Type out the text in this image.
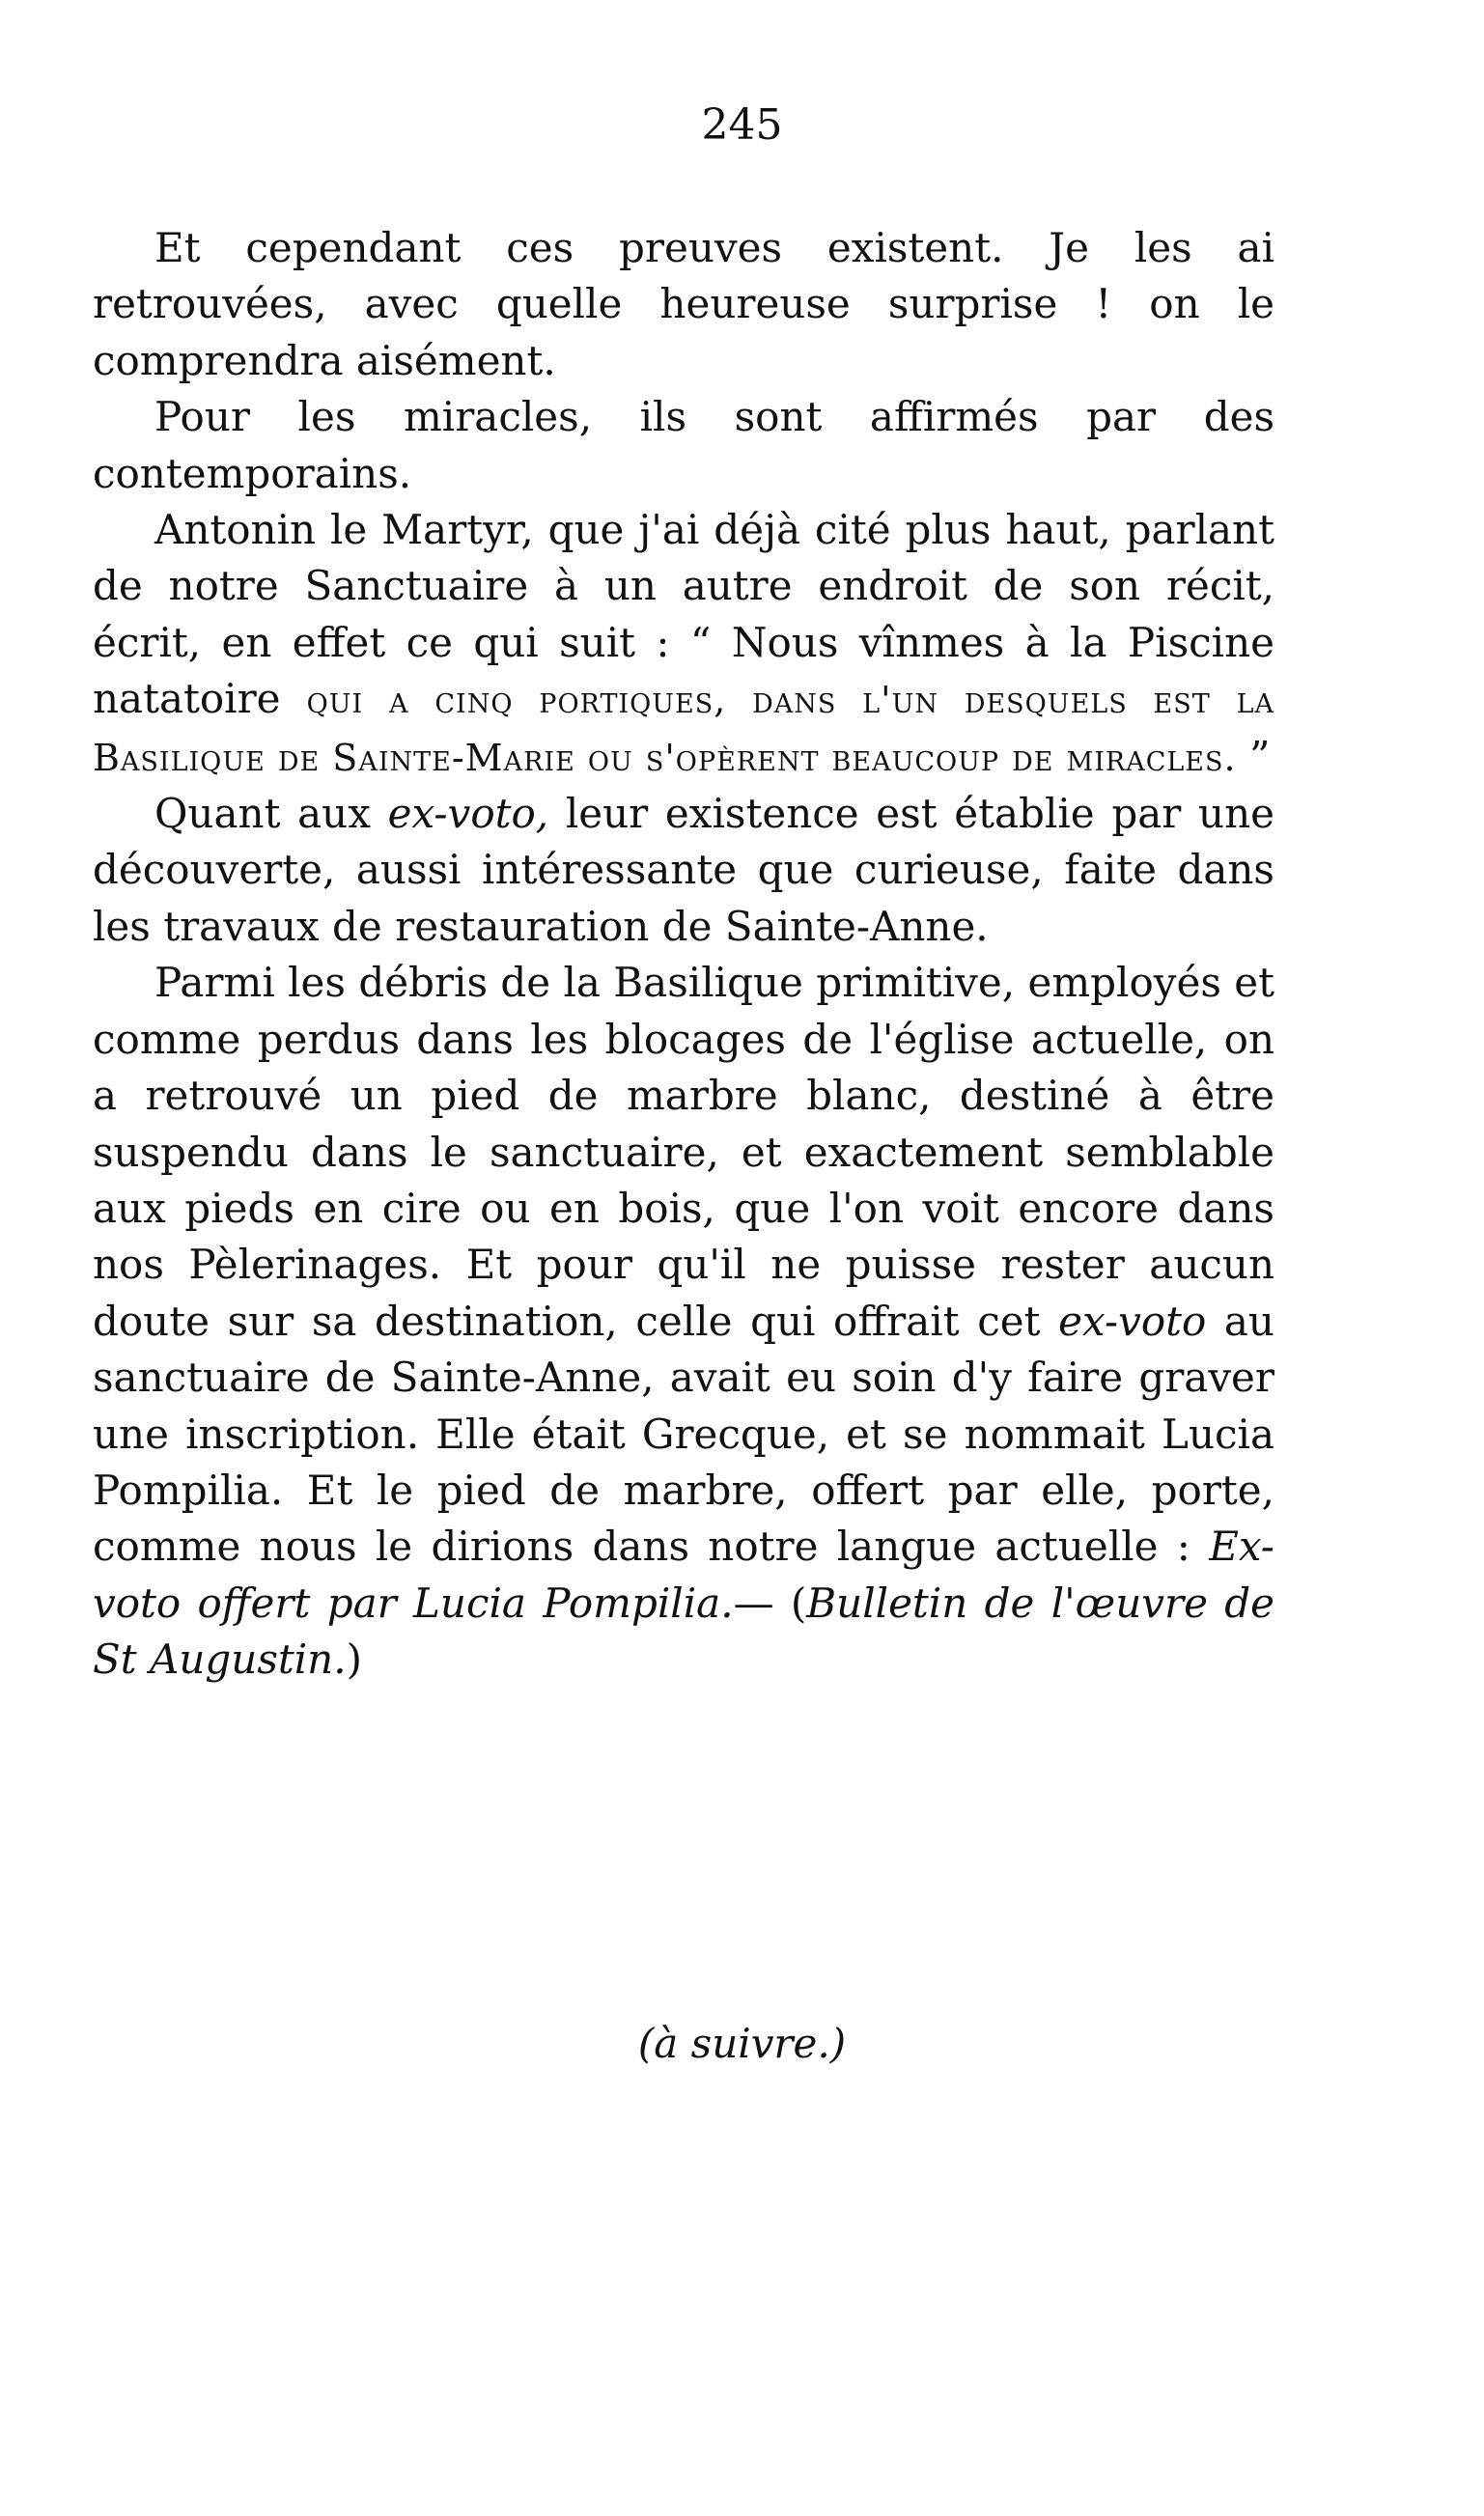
245

Et cependant ces preuves existent. Je les ai retrouvées, avec quelle heureuse surprise ! on le comprendra aisément.

Pour les miracles, ils sont affirmés par des contemporains.

Antonin le Martyr, que j'ai déjà cité plus haut, parlant de notre Sanctuaire à un autre endroit de son récit, écrit, en effet ce qui suit : “ Nous vînmes à la Piscine natatoire qui a cinq portiques, dans l'un desquels est la Basilique de Sainte-Marie ou s'opèrent beaucoup de miracles. ”

Quant aux ex-voto, leur existence est établie par une découverte, aussi intéressante que curieuse, faite dans les travaux de restauration de Sainte-Anne.

Parmi les débris de la Basilique primitive, employés et comme perdus dans les blocages de l'église actuelle, on a retrouvé un pied de marbre blanc, destiné à être suspendu dans le sanctuaire, et exactement semblable aux pieds en cire ou en bois, que l'on voit encore dans nos Pèlerinages. Et pour qu'il ne puisse rester aucun doute sur sa destination, celle qui offrait cet ex-voto au sanctuaire de Sainte-Anne, avait eu soin d'y faire graver une inscription. Elle était Grecque, et se nommait Lucia Pompilia. Et le pied de marbre, offert par elle, porte, comme nous le dirions dans notre langue actuelle : Ex-voto offert par Lucia Pompilia.— (Bulletin de l'œuvre de St Augustin.)

(à suivre.)
